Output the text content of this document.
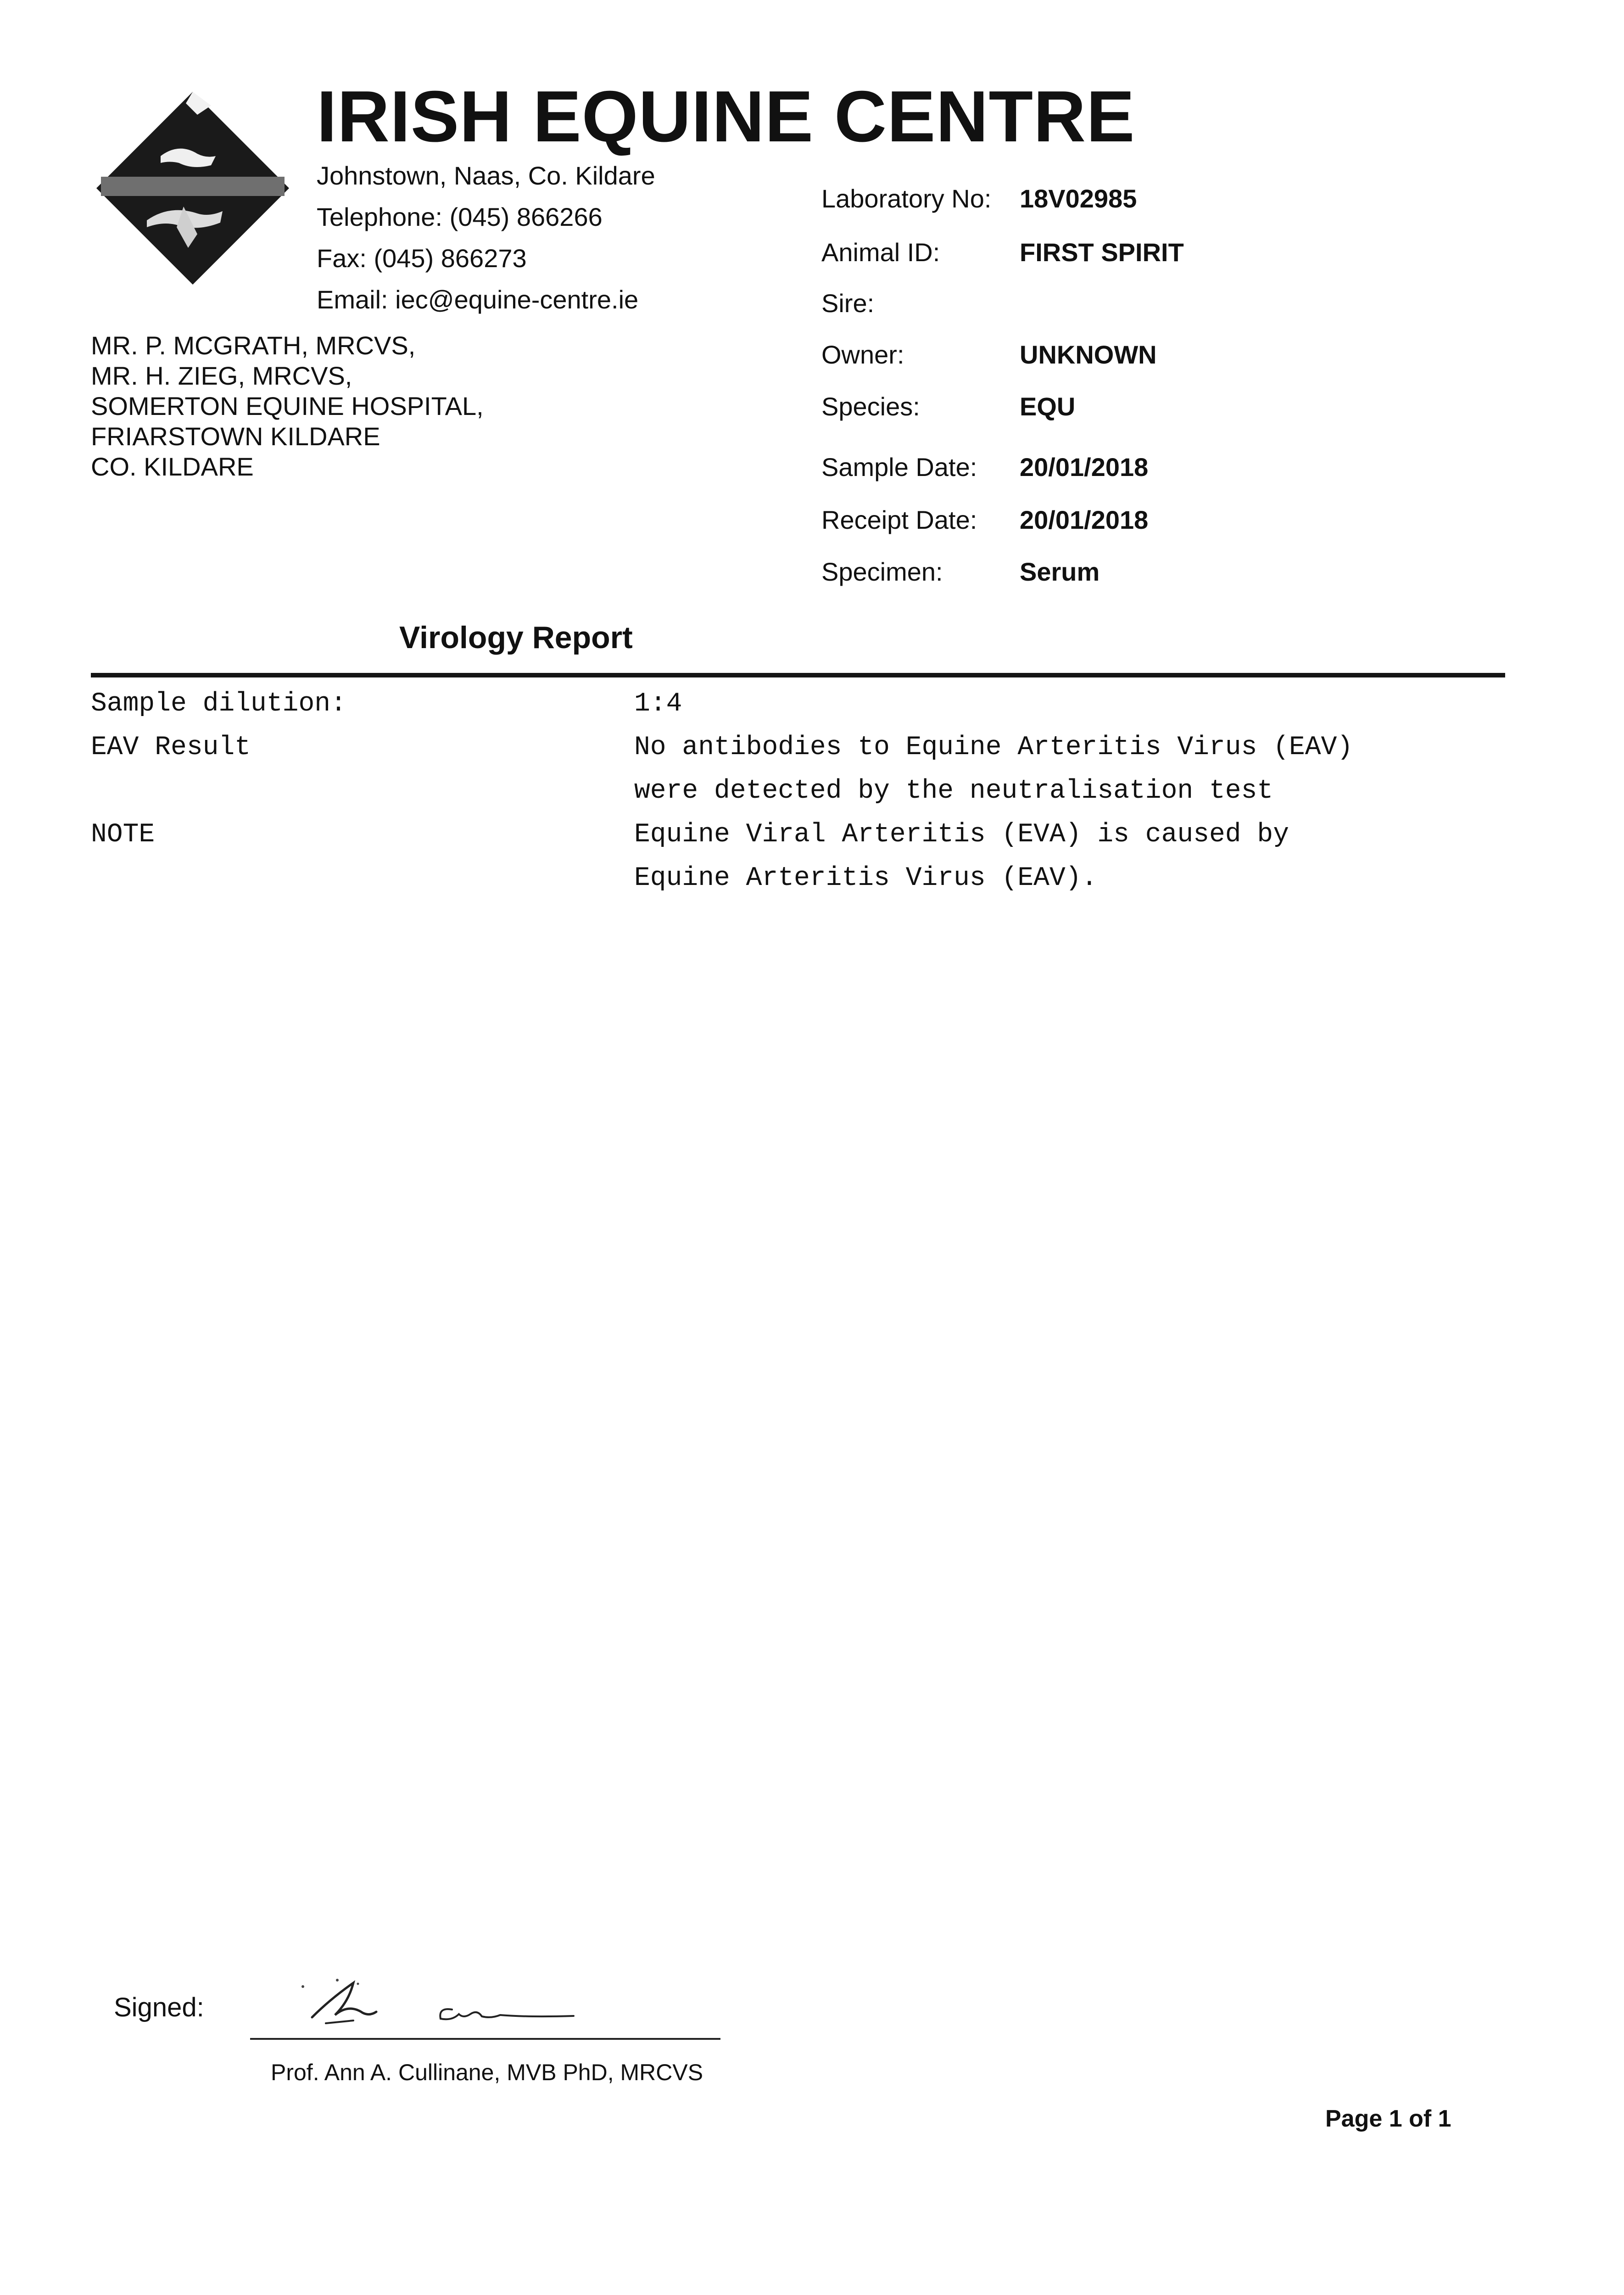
IRISH EQUINE CENTRE
Johnstown, Naas, Co. Kildare
Telephone: (045) 866266
Fax: (045) 866273
Email: iec@equine-centre.ie
MR. P. MCGRATH, MRCVS,
MR. H. ZIEG, MRCVS,
SOMERTON EQUINE HOSPITAL,
FRIARSTOWN KILDARE
CO. KILDARE
Laboratory No: 18V02985
Animal ID:	FIRST SPIRIT
Sire:
Owner:	UNKNOWN
Species:	EQU
Sample Date: 20/01/2018
Receipt Date: 20/01/2018
Specimen:	Serum
Virology Report
Sample dilution:	1:4
EAV Result	No antibodies to Equine Arteritis Virus (EAV)
were detected by the neutralisation test
NOTE	Equine Viral Arteritis (EVA) is caused by
Equine Arteritis Virus (EAV).
Signed:
Prof. Ann A. Cullinane, MVB PhD, MRCVS
Page 1 of 1
